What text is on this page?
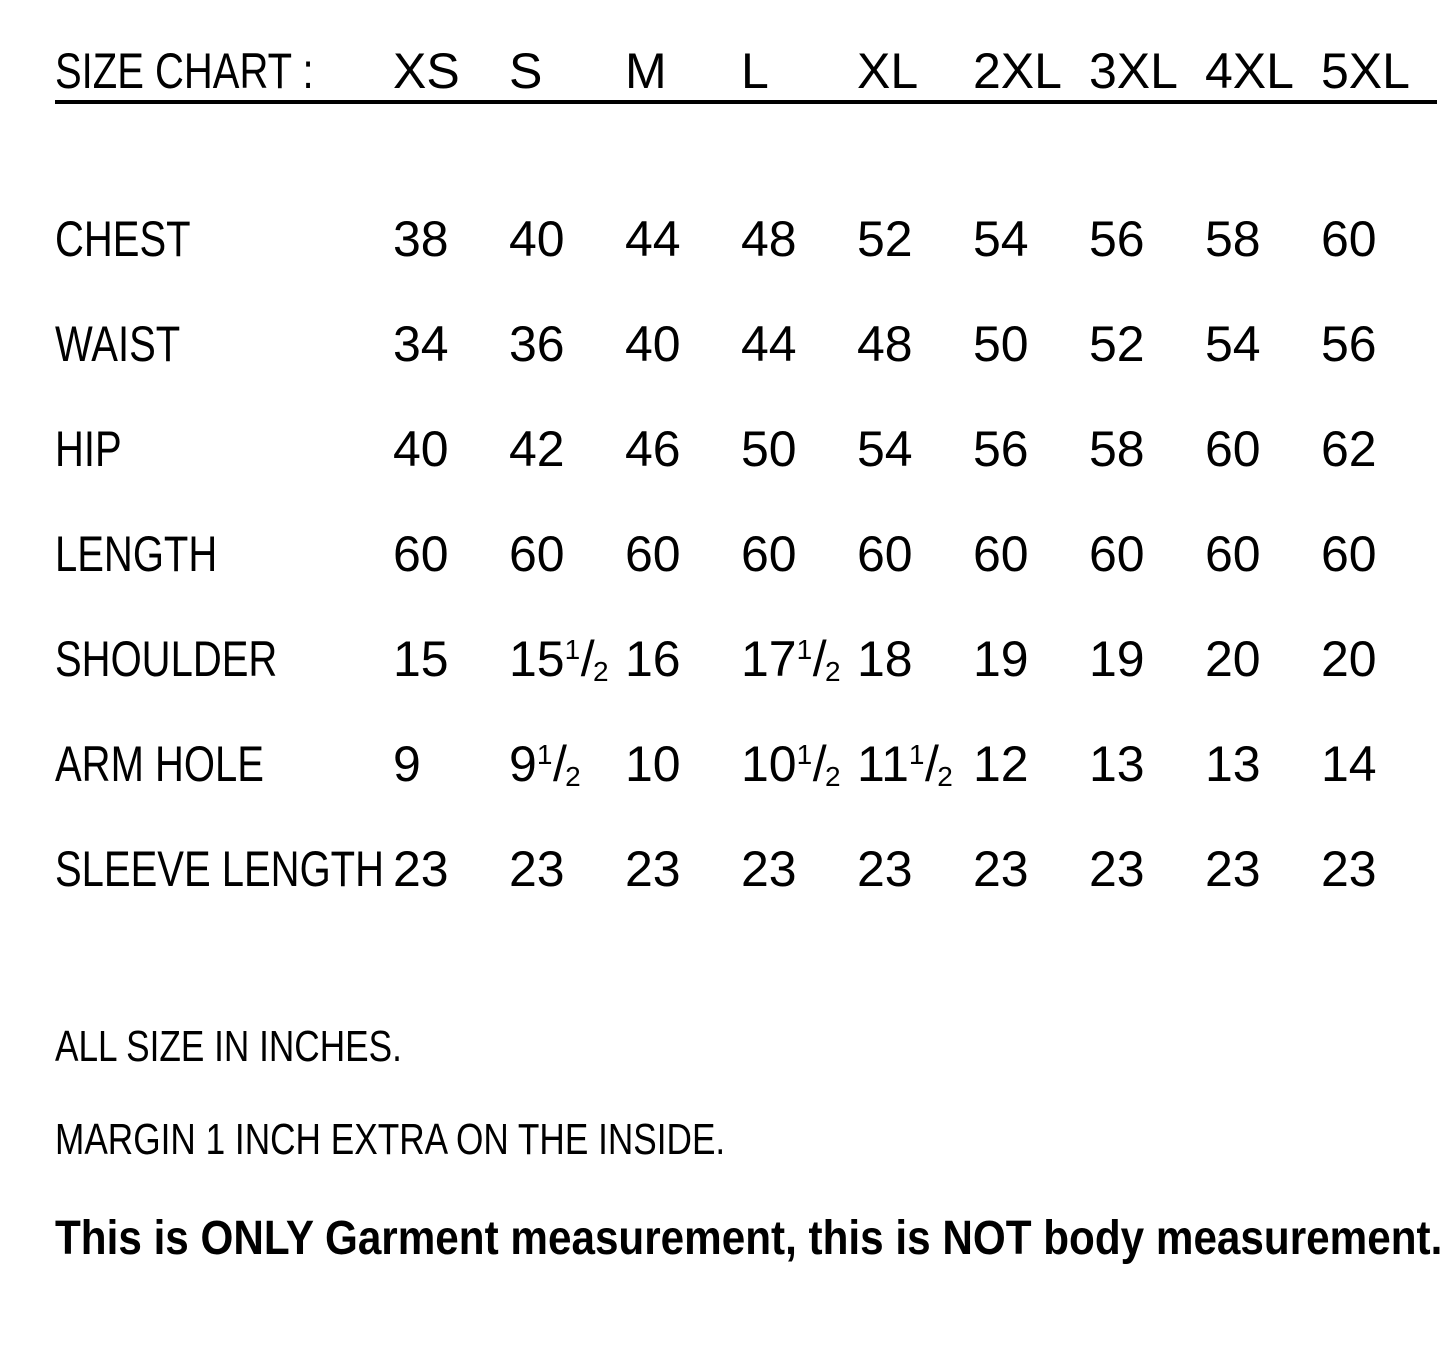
SIZE CHART :	XS	S	M	L	XL	2XL	3XL	4XL	5XL
CHEST	38	40	44	48	52	54	56	58	60
WAIST	34	36	40	44	48	50	52	54	56
HIP	40	42	46	50	54	56	58	60	62
LENGTH	60	60	60	60	60	60	60	60	60
SHOULDER	15	$15^1/_2$	16	$17^1/_2$	18	19	19	20	20
ARM HOLE	9	$9^1/_2$	10	$10^1/_2$	$11^1/_2$	12	13	13	14
SLEEVE LENGTH	23	23	23	23	23	23	23	23	23

ALL SIZE IN INCHES.

MARGIN 1 INCH EXTRA ON THE INSIDE.

This is ONLY Garment measurement, this is NOT body measurement.
